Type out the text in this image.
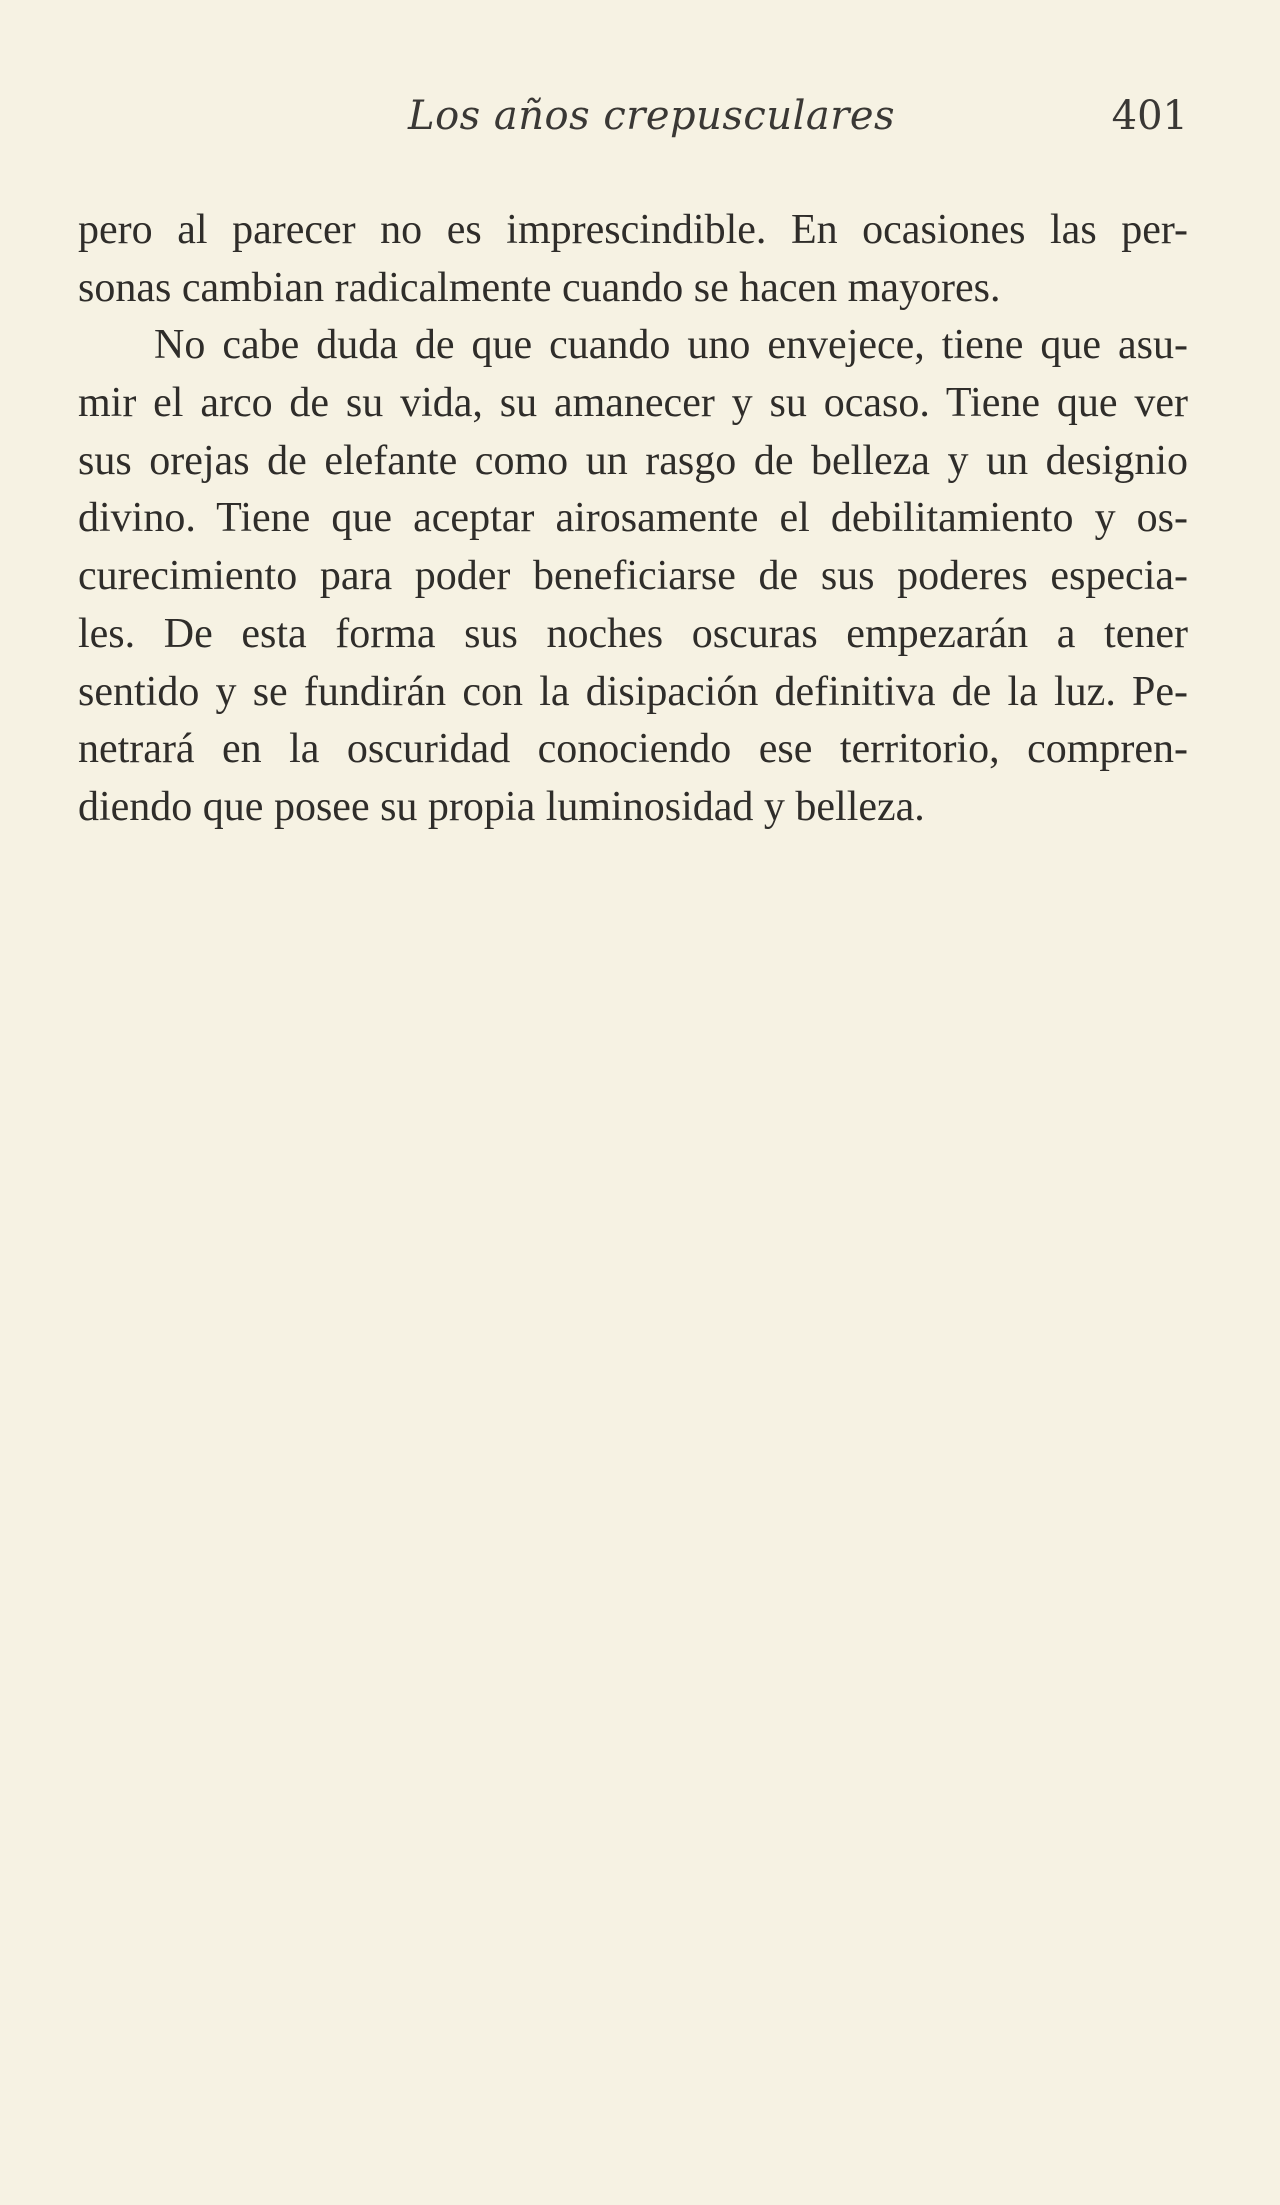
Los años crepusculares	401
pero al parecer no es imprescindible. En ocasiones las per-
sonas cambian radicalmente cuando se hacen mayores.
No cabe duda de que cuando uno envejece, tiene que asu-
mir el arco de su vida, su amanecer y su ocaso. Tiene que ver
sus orejas de elefante como un rasgo de belleza y un designio
divino. Tiene que aceptar airosamente el debilitamiento y os-
curecimiento para poder beneficiarse de sus poderes especia-
les. De esta forma sus noches oscuras empezarán a tener
sentido y se fundirán con la disipación definitiva de la luz. Pe-
netrará en la oscuridad conociendo ese territorio, compren-
diendo que posee su propia luminosidad y belleza.
